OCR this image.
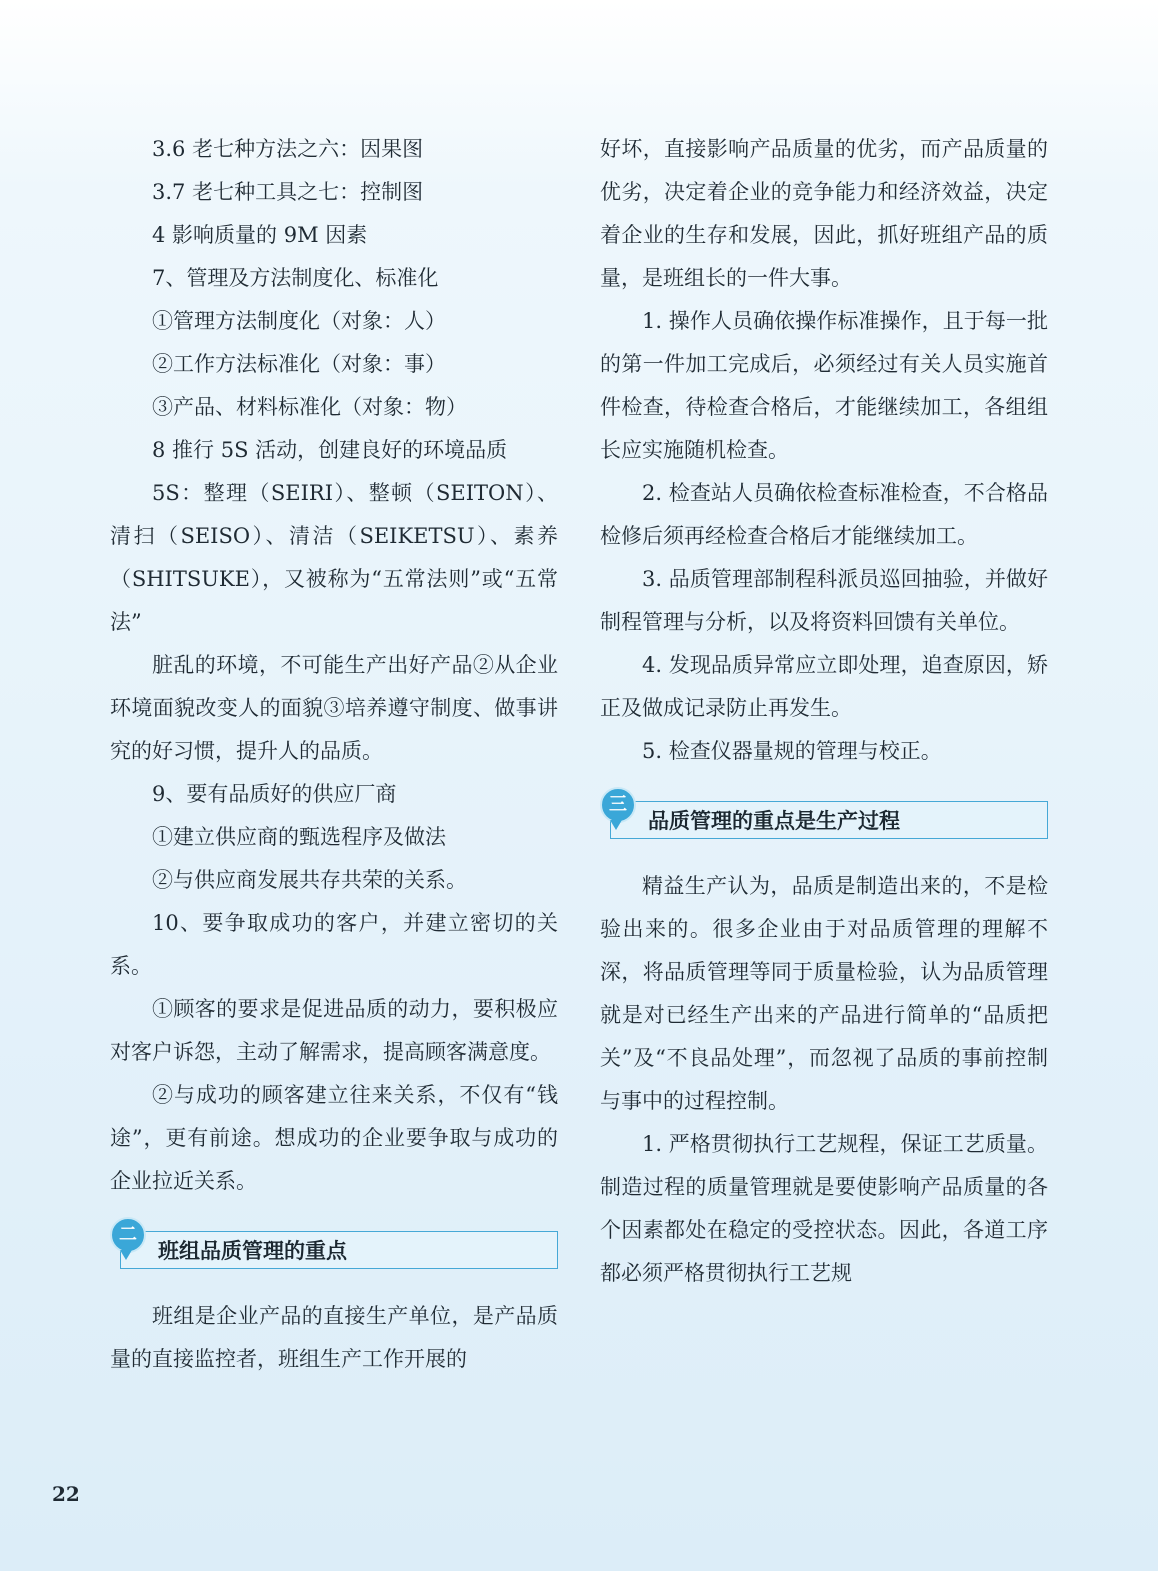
3.6 老七种方法之六：因果图

3.7 老七种工具之七：控制图

4 影响质量的 9M 因素

7、管理及方法制度化、标准化

①管理方法制度化（对象：人）

②工作方法标准化（对象：事）

③产品、材料标准化（对象：物）

8 推行 5S 活动，创建良好的环境品质

5S：整理（SEIRI）、整顿（SEITON）、清扫（SEISO）、清洁（SEIKETSU）、素养（SHITSUKE），又被称为“五常法则”或“五常法”

脏乱的环境，不可能生产出好产品②从企业环境面貌改变人的面貌③培养遵守制度、做事讲究的好习惯，提升人的品质。

9、要有品质好的供应厂商

①建立供应商的甄选程序及做法

②与供应商发展共存共荣的关系。

10、要争取成功的客户，并建立密切的关系。

①顾客的要求是促进品质的动力，要积极应对客户诉怨，主动了解需求，提高顾客满意度。

②与成功的顾客建立往来关系，不仅有“钱途”，更有前途。想成功的企业要争取与成功的企业拉近关系。

二
班组品质管理的重点

班组是企业产品的直接生产单位，是产品质量的直接监控者，班组生产工作开展的

好坏，直接影响产品质量的优劣，而产品质量的优劣，决定着企业的竞争能力和经济效益，决定着企业的生存和发展，因此，抓好班组产品的质量，是班组长的一件大事。

1. 操作人员确依操作标准操作，且于每一批的第一件加工完成后，必须经过有关人员实施首件检查，待检查合格后，才能继续加工，各组组长应实施随机检查。

2. 检查站人员确依检查标准检查，不合格品检修后须再经检查合格后才能继续加工。

3. 品质管理部制程科派员巡回抽验，并做好制程管理与分析，以及将资料回馈有关单位。

4. 发现品质异常应立即处理，追查原因，矫正及做成记录防止再发生。

5. 检查仪器量规的管理与校正。

三
品质管理的重点是生产过程

精益生产认为，品质是制造出来的，不是检验出来的。很多企业由于对品质管理的理解不深，将品质管理等同于质量检验，认为品质管理就是对已经生产出来的产品进行简单的“品质把关”及“不良品处理”，而忽视了品质的事前控制与事中的过程控制。

1. 严格贯彻执行工艺规程，保证工艺质量。制造过程的质量管理就是要使影响产品质量的各个因素都处在稳定的受控状态。因此，各道工序都必须严格贯彻执行工艺规

22
